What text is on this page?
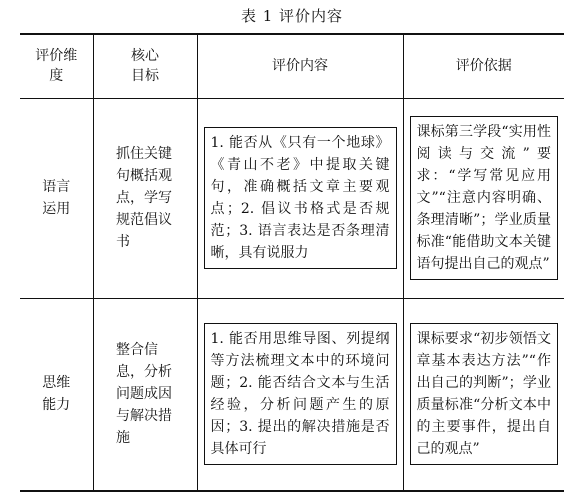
表 1 评价内容
评价维度	核心目标	评价内容	评价依据

语言运用	抓住关键句概括观点，学写规范倡议书	1. 能否从《只有一个地球》《青山不老》中提取关键句，准确概括文章主要观点；2. 倡议书格式是否规范；3. 语言表达是否条理清晰，具有说服力	课标第三学段“实用性阅读与交流”要求：“学写常见应用文”“注意内容明确、条理清晰”；学业质量标准“能借助文本关键语句提出自己的观点”

思维能力	整合信息，分析问题成因与解决措施	1. 能否用思维导图、列提纲等方法梳理文本中的环境问题；2. 能否结合文本与生活经验，分析问题产生的原因；3. 提出的解决措施是否具体可行	课标要求“初步领悟文章基本表达方法”“作出自己的判断”；学业质量标准“分析文本中的主要事件，提出自己的观点”
